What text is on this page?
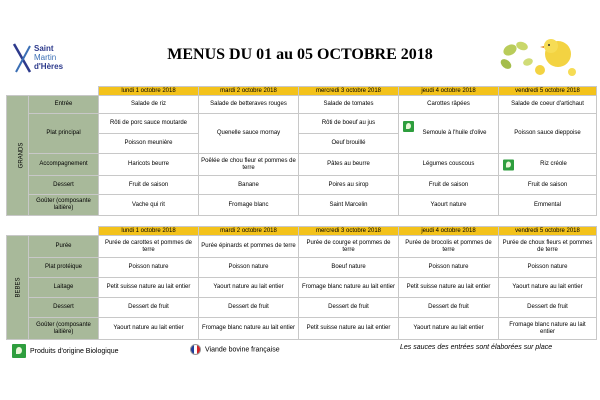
Saint
Martin
d'Hères
MENUS DU 01 au 05 OCTOBRE 2018
		lundi 1 octobre 2018	mardi 2 octobre 2018	mercredi 3 octobre 2018	jeudi 4 octobre 2018	vendredi 5 octobre 2018
GRANDS	Entrée	Salade de riz	Salade de betteraves rouges	Salade de tomates	Carottes râpées	Salade de coeur d'artichaut
	Plat principal	Rôti de porc sauce moutarde	Quenelle sauce mornay	Rôti de boeuf au jus	Semoule à l'huile d'olive	Poisson sauce dieppoise
		Poisson meunière		Oeuf brouillé		
	Accompagnement	Haricots beurre	Poêlée de chou fleur et pommes de terre	Pâtes au beurre	Légumes couscous	Riz créole

	Dessert	Fruit de saison	Banane	Poires au sirop	Fruit de saison	Fruit de saison
	Goûter (composante laitière)	Vache qui rit	Fromage blanc	Saint Marcelin	Yaourt nature	Emmental
		lundi 1 octobre 2018	mardi 2 octobre 2018	mercredi 3 octobre 2018	jeudi 4 octobre 2018	vendredi 5 octobre 2018
BEBES	Purée	Purée de carottes et pommes de terre	Purée épinards et pommes de terre	Purée de courge et pommes de terre	Purée de brocolis et pommes de terre	Purée de choux fleurs et pommes de terre
	Plat protéique	Poisson nature	Poisson nature	Boeuf nature	Poisson nature	Poisson nature
	Laitage	Petit suisse nature au lait entier	Yaourt nature au lait entier	Fromage blanc nature au lait entier	Petit suisse nature au lait entier	Yaourt nature au lait entier
	Dessert	Dessert de fruit	Dessert de fruit	Dessert de fruit	Dessert de fruit	Dessert de fruit
	Goûter (composante laitière)	Yaourt nature au lait entier	Fromage blanc nature au lait entier	Petit suisse nature au lait entier	Yaourt nature au lait entier	Fromage blanc nature au lait entier
Produits d'origine Biologique	Viande bovine française	Les sauces des entrées sont élaborées sur place
